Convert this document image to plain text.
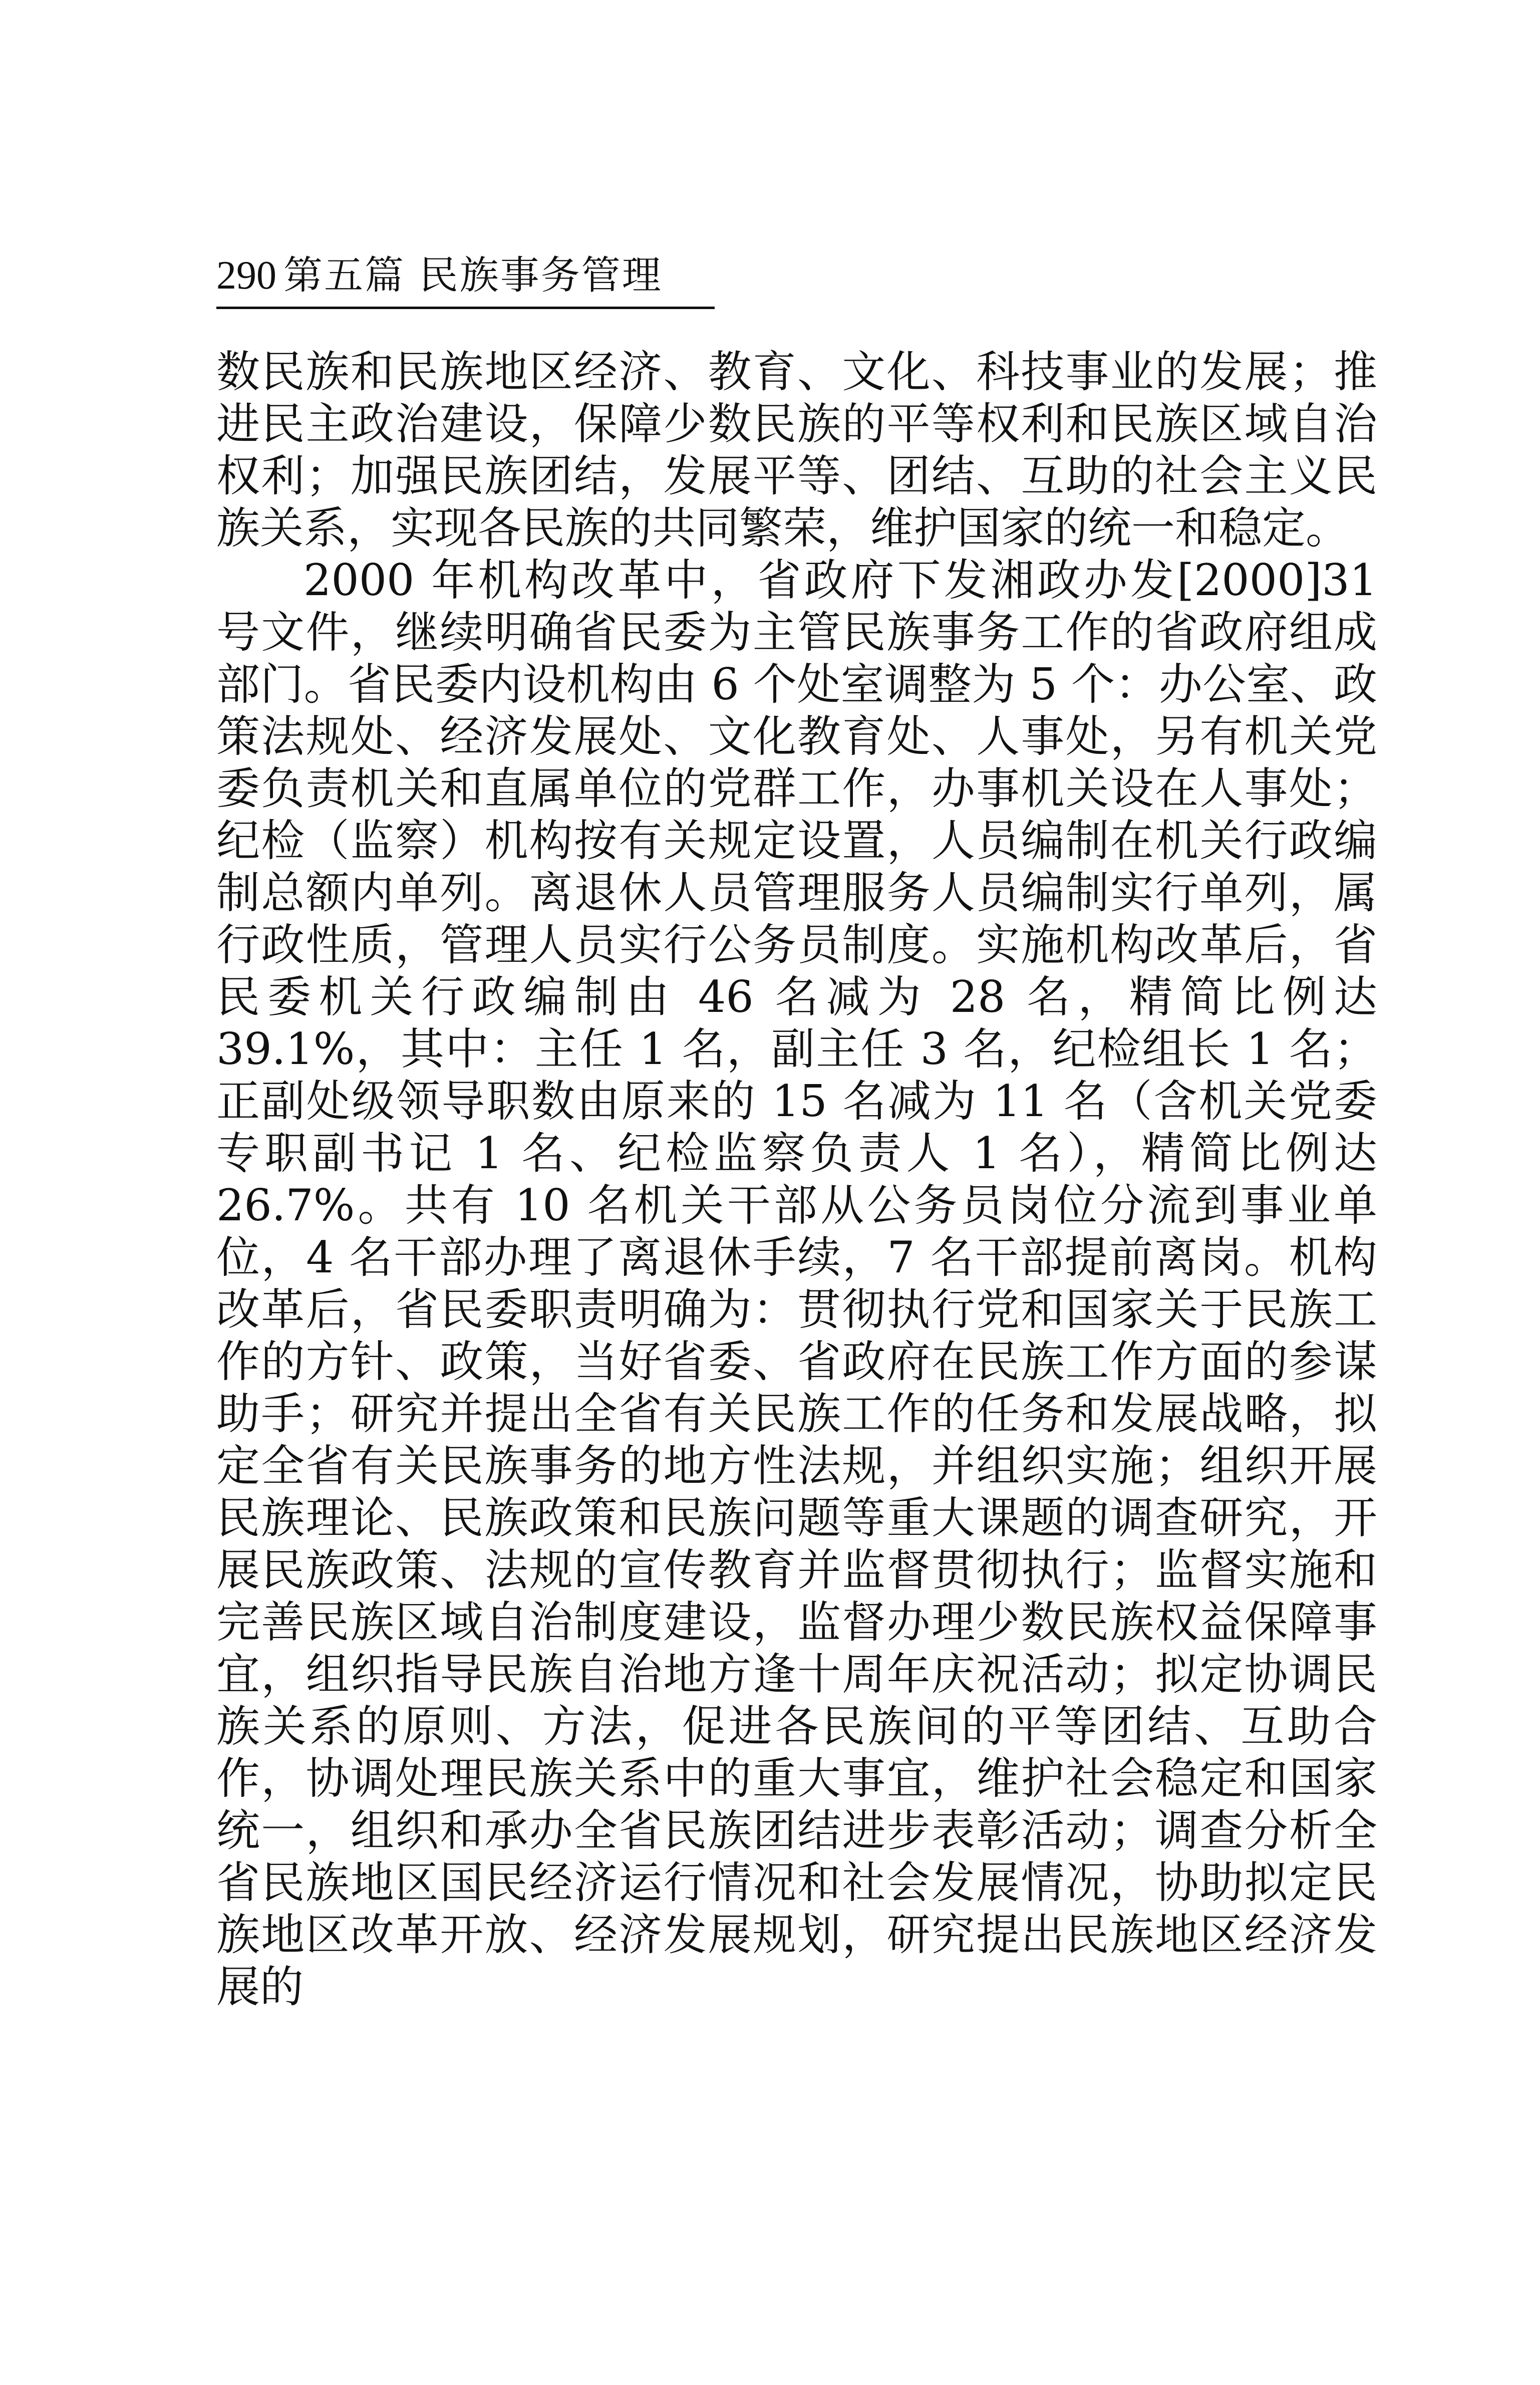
290 第五篇 民族事务管理

数民族和民族地区经济、教育、文化、科技事业的发展；推进民主政治建设，保障少数民族的平等权利和民族区域自治权利；加强民族团结，发展平等、团结、互助的社会主义民族关系，实现各民族的共同繁荣，维护国家的统一和稳定。

2000 年机构改革中，省政府下发湘政办发[2000]31 号文件，继续明确省民委为主管民族事务工作的省政府组成部门。省民委内设机构由 6 个处室调整为 5 个：办公室、政策法规处、经济发展处、文化教育处、人事处，另有机关党委负责机关和直属单位的党群工作，办事机关设在人事处；纪检（监察）机构按有关规定设置，人员编制在机关行政编制总额内单列。离退休人员管理服务人员编制实行单列，属行政性质，管理人员实行公务员制度。实施机构改革后，省民委机关行政编制由 46 名减为 28 名，精简比例达 39.1%，其中：主任 1 名，副主任 3 名，纪检组长 1 名；正副处级领导职数由原来的 15 名减为 11 名（含机关党委专职副书记 1 名、纪检监察负责人 1 名），精简比例达 26.7%。共有 10 名机关干部从公务员岗位分流到事业单位，4 名干部办理了离退休手续，7 名干部提前离岗。机构改革后，省民委职责明确为：贯彻执行党和国家关于民族工作的方针、政策，当好省委、省政府在民族工作方面的参谋助手；研究并提出全省有关民族工作的任务和发展战略，拟定全省有关民族事务的地方性法规，并组织实施；组织开展民族理论、民族政策和民族问题等重大课题的调查研究，开展民族政策、法规的宣传教育并监督贯彻执行；监督实施和完善民族区域自治制度建设，监督办理少数民族权益保障事宜，组织指导民族自治地方逢十周年庆祝活动；拟定协调民族关系的原则、方法，促进各民族间的平等团结、互助合作，协调处理民族关系中的重大事宜，维护社会稳定和国家统一，组织和承办全省民族团结进步表彰活动；调查分析全省民族地区国民经济运行情况和社会发展情况，协助拟定民族地区改革开放、经济发展规划，研究提出民族地区经济发展的
